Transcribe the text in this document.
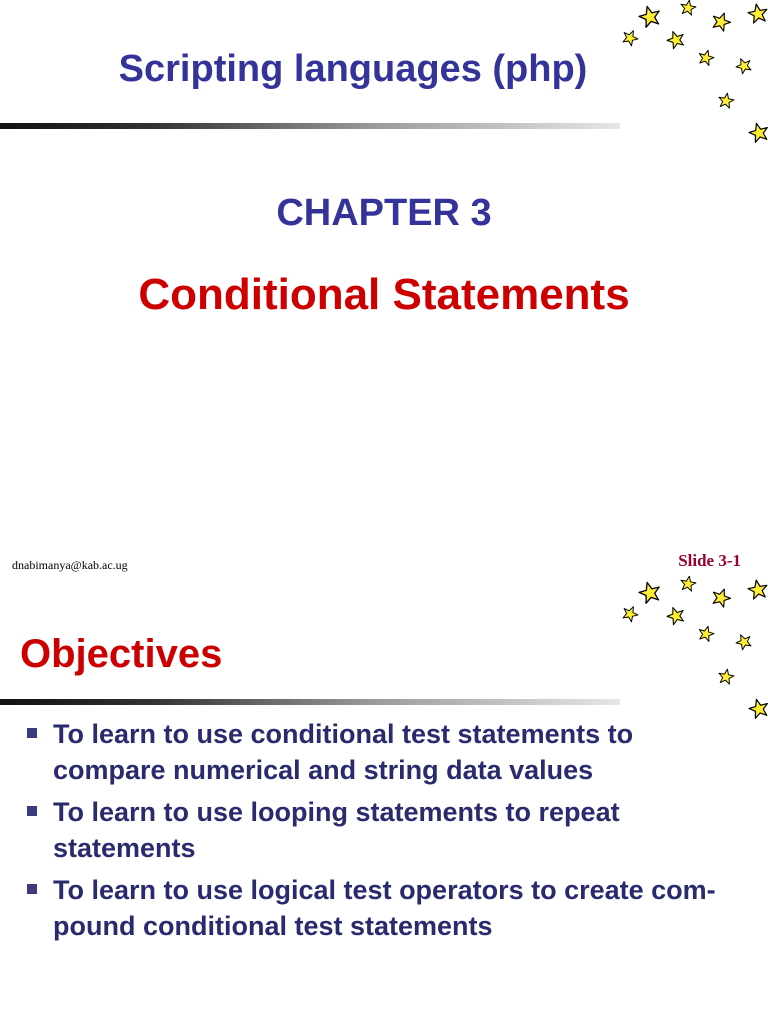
Scripting languages (php)
CHAPTER 3
Conditional Statements
dnabimanya@kab.ac.ug	Slide 3-1
Objectives
To learn to use conditional test statements to compare numerical and string data values
To learn to use looping statements to repeat statements
To learn to use logical test operators to create com-pound conditional test statements
